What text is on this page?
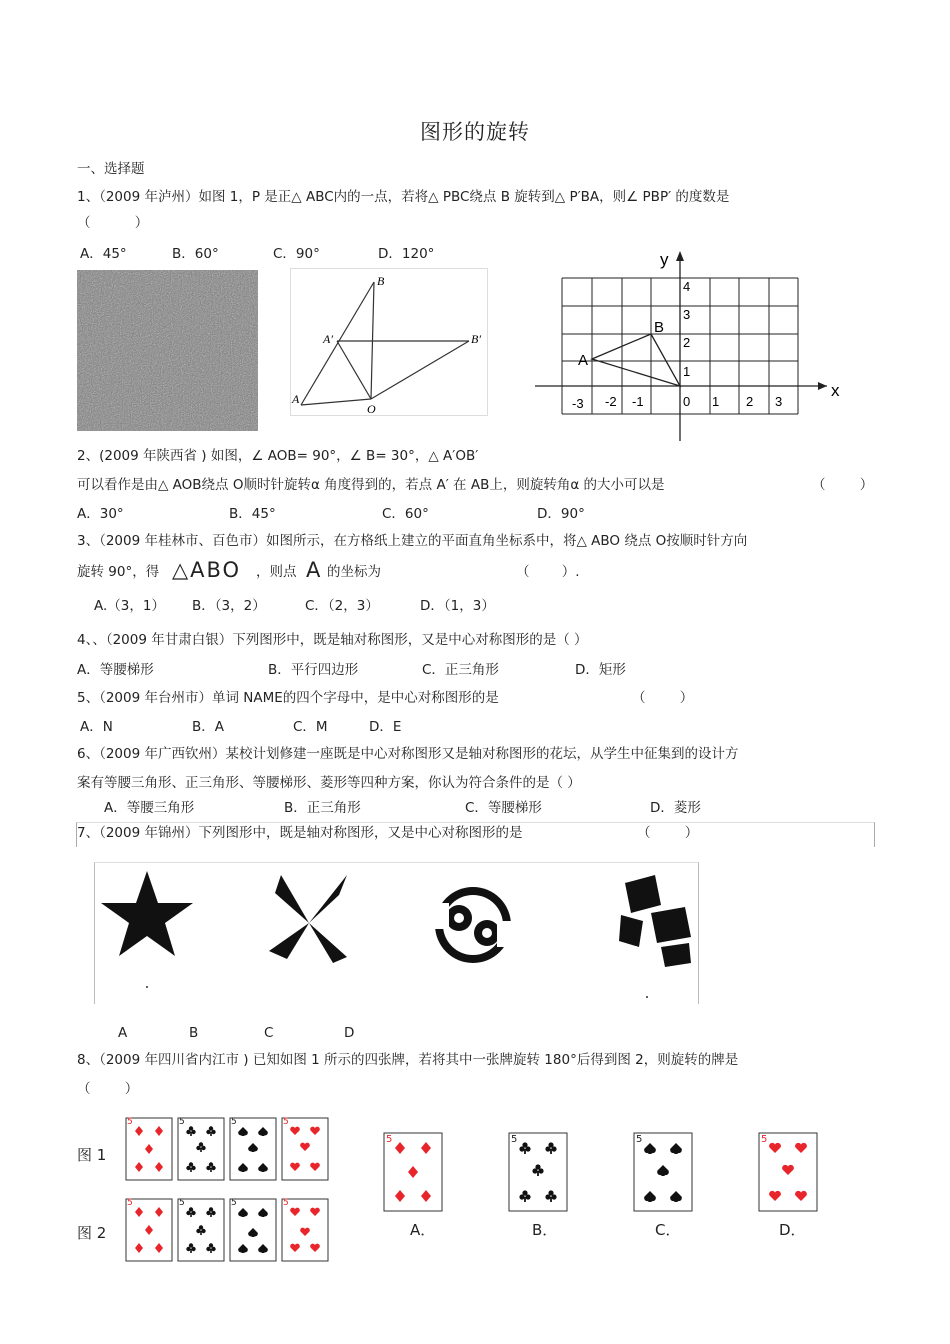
图形的旋转
一、选择题
1、（2009 年泸州）如图 1，P 是正△ ABC内的一点，若将△ PBC绕点 B 旋转到△ P′BA，则∠ PBP′ 的度数是
（ ）
A．45°	B．60°	C．90°	D．120°
A
A′
B
B′
O
x
y
-3 -2 -1	0 1 2 3
1
2
3
4
A
B
2、(2009 年陕西省 ) 如图，∠ AOB= 90°，∠ B= 30°，△ A′OB′
可以看作是由△ AOB绕点 O顺时针旋转α 角度得到的，若点 A′ 在 AB上，则旋转角α 的大小可以是	（ ）
A．30°	B．45°	C．60°	D．90°
3、（2009 年桂林市、百色市）如图所示，在方格纸上建立的平面直角坐标系中，将△ ABO 绕点 O按顺时针方向
旋转 90°，得 △ABO ，则点 A 的坐标为	（ ）.
A.（3，1） B．（3，2）	C．（2，3）	D．（1，3）
4、、（2009 年甘肃白银）下列图形中，既是轴对称图形，又是中心对称图形的是（ ）
A．等腰梯形	B．平行四边形	C．正三角形	D．矩形
5、（2009 年台州市）单词 NAME的四个字母中，是中心对称图形的是	（ ）
A．N	B．A	C．M	D．E
6、（2009 年广西钦州）某校计划修建一座既是中心对称图形又是轴对称图形的花坛，从学生中征集到的设计方
案有等腰三角形、正三角形、等腰梯形、菱形等四种方案，你认为符合条件的是（ ）
A．等腰三角形	B．正三角形	C．等腰梯形	D．菱形
7、（2009 年锦州）下列图形中，既是轴对称图形，又是中心对称图形的是	（ ）
A	B	C	D
8、（2009 年四川省内江市 ) 已知如图 1 所示的四张牌，若将其中一张牌旋转 180°后得到图 2，则旋转的牌是
（ ）
图 1
图 2
5	5	5	5
5	5	5	5
5	5	5	5
A．	B．	C．	D．
